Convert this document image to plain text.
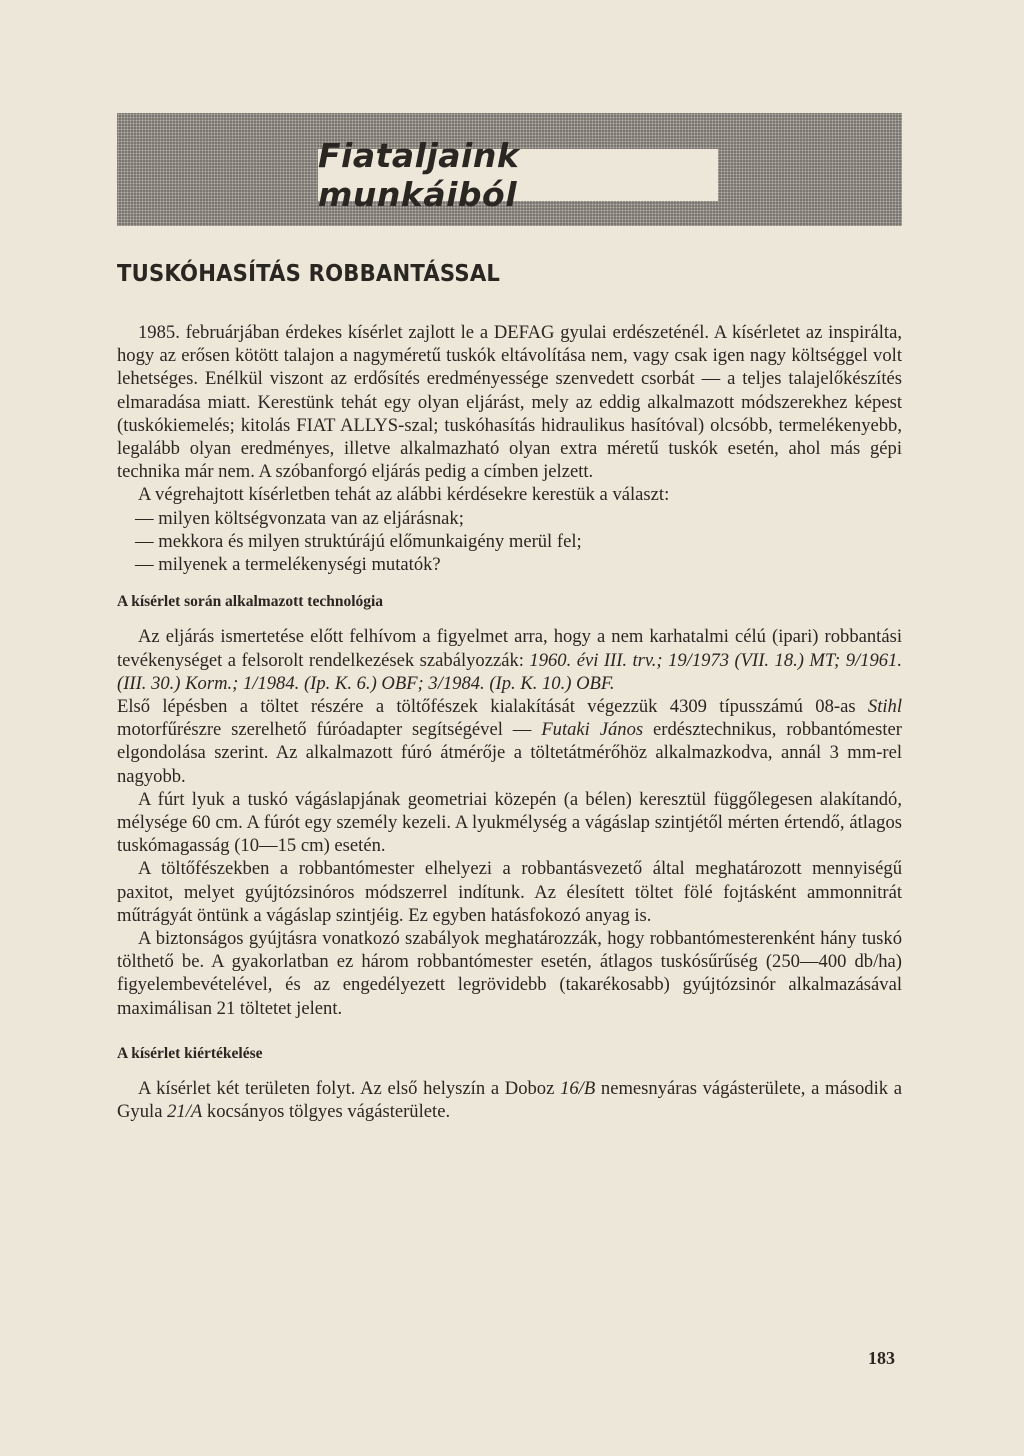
Fiataljaink munkáiból
TUSKÓHASÍTÁS ROBBANTÁSSAL

1985. februárjában érdekes kísérlet zajlott le a DEFAG gyulai erdészeténél. A kísérletet az inspirálta, hogy az erősen kötött talajon a nagyméretű tuskók eltávolítása nem, vagy csak igen nagy költséggel volt lehetséges. Enélkül viszont az erdősítés eredményessége szenvedett csorbát — a teljes talajelőkészítés elmaradása miatt. Kerestünk tehát egy olyan eljárást, mely az eddig alkalmazott módszerekhez képest (tuskókiemelés; kitolás FIAT ALLYS-szal; tuskóhasítás hidraulikus hasítóval) olcsóbb, termelékenyebb, legalább olyan eredményes, illetve alkalmazható olyan extra méretű tuskók esetén, ahol más gépi technika már nem. A szóbanforgó eljárás pedig a címben jelzett.

A végrehajtott kísérletben tehát az alábbi kérdésekre kerestük a választ:

— milyen költségvonzata van az eljárásnak;

— mekkora és milyen struktúrájú előmunkaigény merül fel;

— milyenek a termelékenységi mutatók?

A kísérlet során alkalmazott technológia

Az eljárás ismertetése előtt felhívom a figyelmet arra, hogy a nem karhatalmi célú (ipari) robbantási tevékenységet a felsorolt rendelkezések szabályozzák: 1960. évi III. trv.; 19/1973 (VII. 18.) MT; 9/1961. (III. 30.) Korm.; 1/1984. (Ip. K. 6.) OBF; 3/1984. (Ip. K. 10.) OBF.

Első lépésben a töltet részére a töltőfészek kialakítását végezzük 4309 típusszámú 08-as Stihl motorfűrészre szerelhető fúróadapter segítségével — Futaki János erdésztechnikus, robbantómester elgondolása szerint. Az alkalmazott fúró átmérője a töltetátmérőhöz alkalmazkodva, annál 3 mm-rel nagyobb.

A fúrt lyuk a tuskó vágáslapjának geometriai közepén (a bélen) keresztül függőlegesen alakítandó, mélysége 60 cm. A fúrót egy személy kezeli. A lyukmélység a vágáslap szintjétől mérten értendő, átlagos tuskómagasság (10—15 cm) esetén.

A töltőfészekben a robbantómester elhelyezi a robbantásvezető által meghatározott mennyiségű paxitot, melyet gyújtózsinóros módszerrel indítunk. Az élesített töltet fölé fojtásként ammonnitrát műtrágyát öntünk a vágáslap szintjéig. Ez egyben hatásfokozó anyag is.

A biztonságos gyújtásra vonatkozó szabályok meghatározzák, hogy robbantómesterenként hány tuskó tölthető be. A gyakorlatban ez három robbantómester esetén, átlagos tuskósűrűség (250—400 db/ha) figyelembevételével, és az engedélyezett legrövidebb (takarékosabb) gyújtózsinór alkalmazásával maximálisan 21 töltetet jelent.

A kísérlet kiértékelése

A kísérlet két területen folyt. Az első helyszín a Doboz 16/B nemesnyáras vágásterülete, a második a Gyula 21/A kocsányos tölgyes vágásterülete.

183
